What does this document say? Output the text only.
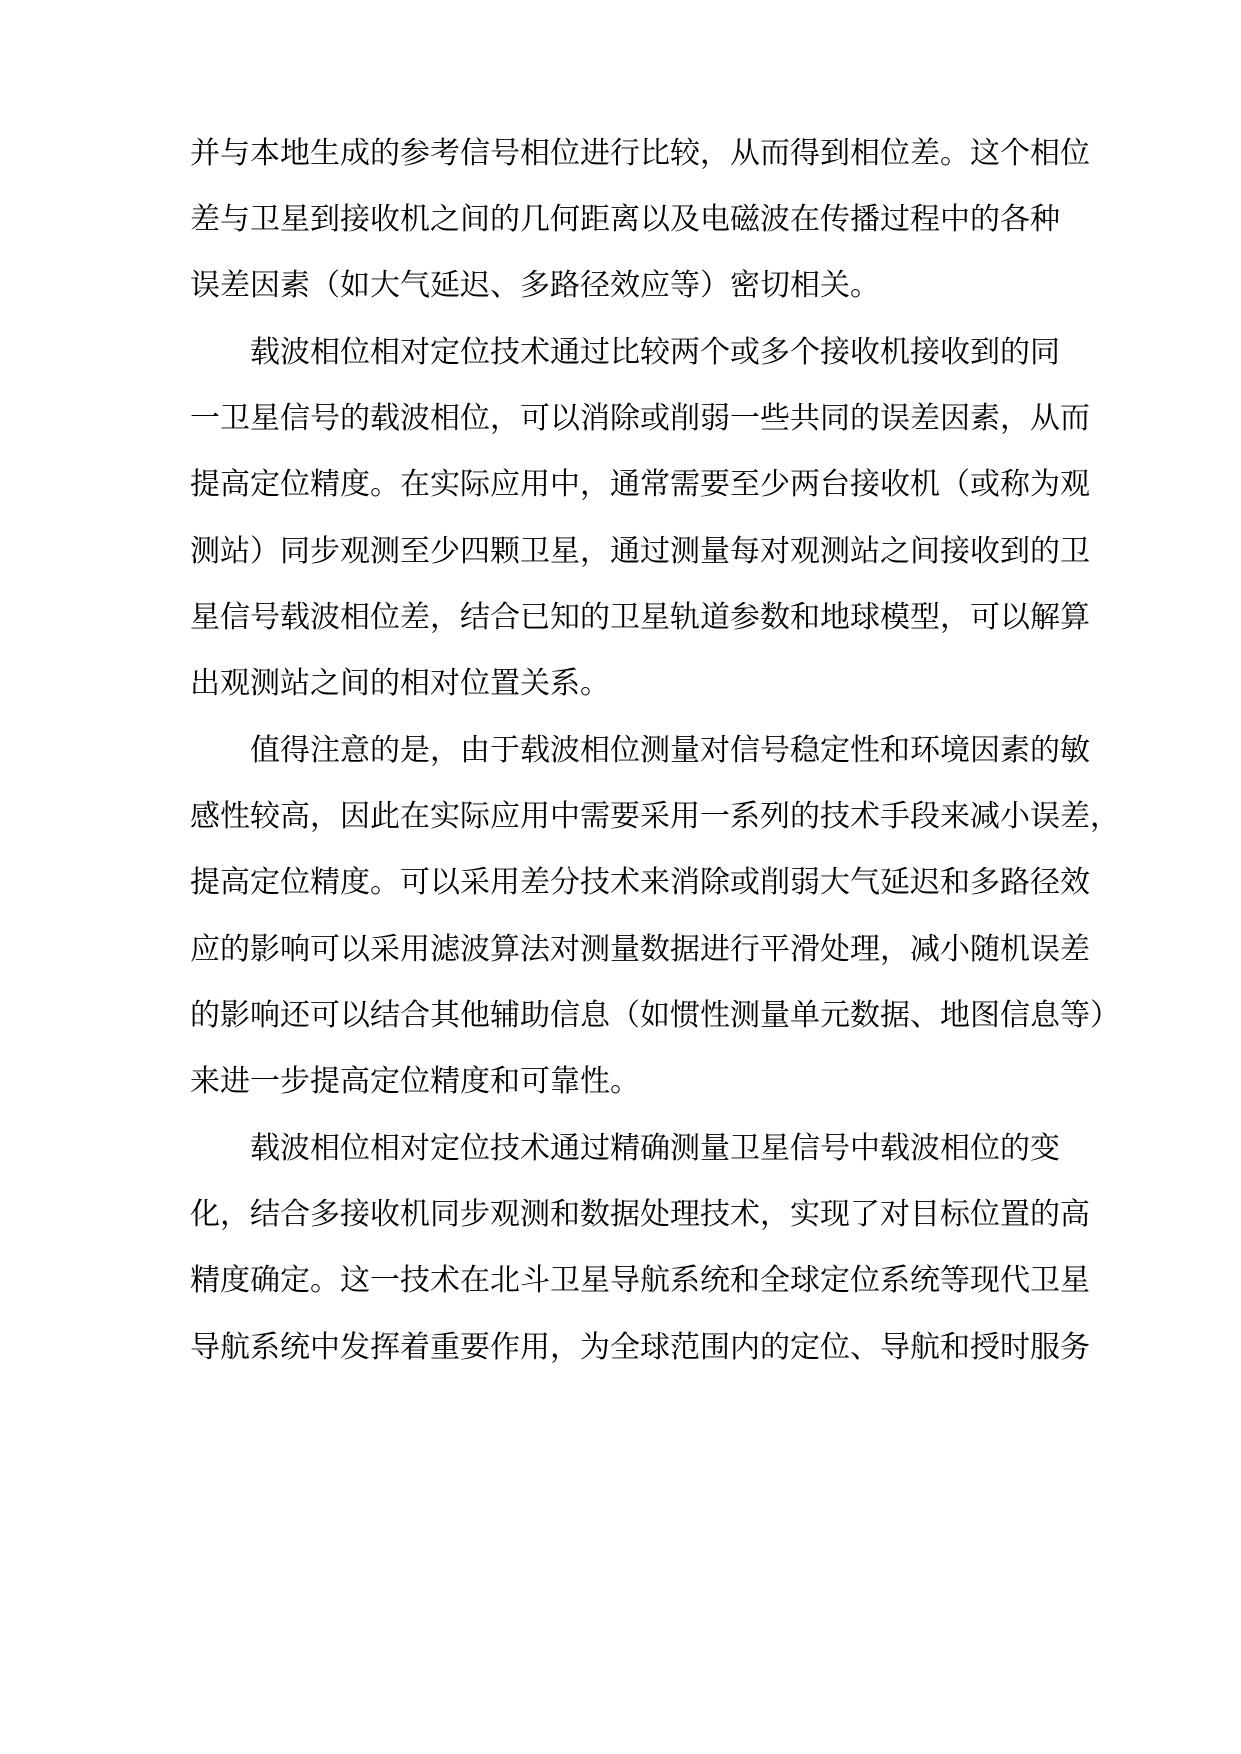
并与本地生成的参考信号相位进行比较，从而得到相位差。这个相位
差与卫星到接收机之间的几何距离以及电磁波在传播过程中的各种
误差因素（如大气延迟、多路径效应等）密切相关。
载波相位相对定位技术通过比较两个或多个接收机接收到的同
一卫星信号的载波相位，可以消除或削弱一些共同的误差因素，从而
提高定位精度。在实际应用中，通常需要至少两台接收机（或称为观
测站）同步观测至少四颗卫星，通过测量每对观测站之间接收到的卫
星信号载波相位差，结合已知的卫星轨道参数和地球模型，可以解算
出观测站之间的相对位置关系。
值得注意的是，由于载波相位测量对信号稳定性和环境因素的敏
感性较高，因此在实际应用中需要采用一系列的技术手段来减小误差，
提高定位精度。可以采用差分技术来消除或削弱大气延迟和多路径效
应的影响可以采用滤波算法对测量数据进行平滑处理，减小随机误差
的影响还可以结合其他辅助信息（如惯性测量单元数据、地图信息等）
来进一步提高定位精度和可靠性。
载波相位相对定位技术通过精确测量卫星信号中载波相位的变
化，结合多接收机同步观测和数据处理技术，实现了对目标位置的高
精度确定。这一技术在北斗卫星导航系统和全球定位系统等现代卫星
导航系统中发挥着重要作用，为全球范围内的定位、导航和授时服务
